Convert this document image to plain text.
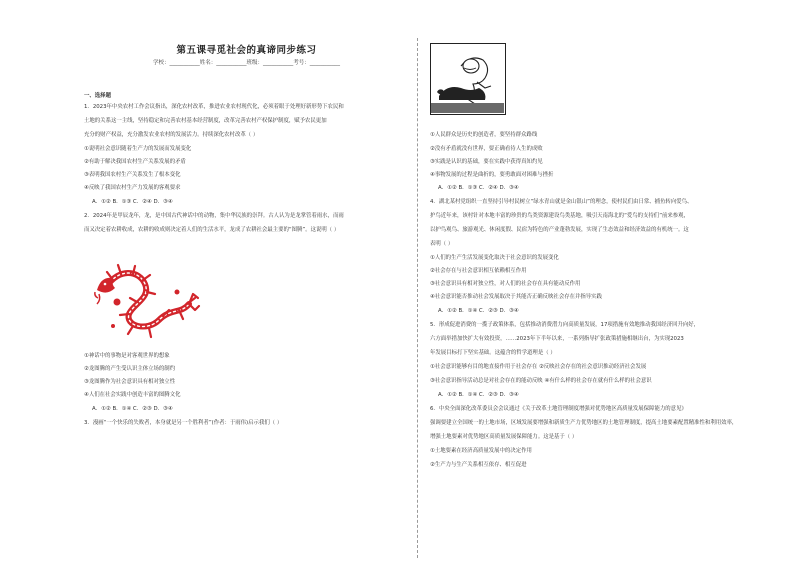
第五课寻觅社会的真谛同步练习
学校：___________姓名：___________班级：___________考号：___________
一、选择题
1．2023年中央农村工作会议指出，深化农村改革，推进农业农村现代化，必须着眼于处理好新形势下农民和
土地的关系这一主线，坚持稳定和完善农村基本经营制度，改革完善农村产权保护制度，赋予农民更加
充分的财产权益，充分激发农业农村的发展活力。持续深化农村改革（ ）
①说明社会意识随着生产力的发展而发展变化
②有助于解决我国农村生产关系发展的矛盾
③表明我国农村生产关系发生了根本变化
④反映了我国农村生产力发展的客观要求
A．①② B．①③ C．②④ D．③④
2．2024年是甲辰龙年，龙，是中国古代神话中的动物，集中华民族的崇拜。古人认为是龙掌管着雨水，而雨
而又决定着农耕收成，农耕的收成则决定着人们的生活水平，龙成了农耕社会最主要的“图腾”。这说明（ ）
①神话中的事物是对客观世界的想象
②龙图腾的产生受认识主体立场的制约
③龙图腾作为社会意识具有相对独立性
④人们在社会实践中创造丰富的图腾文化
A．①② B．①④ C．②③ D．③④
3．漫画“一个快乐的失败者，本身就是另一个胜利者”(作者：于雨伟)启示我们（ ）
①人民群众是历史的创造者，要坚持群众路线
②没有矛盾就没有世界，要正确看待人生的成败
③实践是认识的基础，要在实践中获得真知灼见
④事物发展的过程是曲折的，要勇敢面对困难与挫折
A．①② B．①③ C．②④ D．③④
4．湖北某村党组织一直坚持引导村民树立“绿水青山就是金山银山”的理念，使村民们由日常、捕鱼转向爱鸟、
护鸟近年来，该村针对本地丰富的珍贵的鸟类资源建设鸟类基地，吸引天南海北的“爱鸟的支持们”前来参观，
以护鸟观鸟、旅游观光、休闲度假、民宿为特色的产业蓬勃发展，实现了生态效益和经济效益的有机统一。这
表明（ ）
①人们的生产生活发展变化取决于社会意识的发展变化
②社会存在与社会意识相互依赖相互作用
③社会意识具有相对独立性，对人们的社会存在具有能动反作用
④社会意识能否推动社会发展取决于其能否正确反映社会存在并指导实践
A．①② B．①④ C．②③ D．③④
5．形成促进消费的一揽子政策体系，包括推动消费潜力向高质量发展，17项措施有效地推动我国经济回升向好，
六方面举措加快扩大有效投资，……2023年下半年以来，一系列指导扩张政策措施相继出台，为实现2023
年发展目标打下坚实基础。这蕴含的哲学道理是（ ）
①社会意识能够有目的地直接作用于社会存在 ②反映社会存在的社会意识推动经济社会发展
③社会意识指导活动总是对社会存在的能动反映 ④有什么样的社会存在就有什么样的社会意识
A．①② B．①④ C．②③ D．③④
6．中央全面深化改革委员会会议通过《关于改革土地管理制度增强对优势地区高质量发展保障能力的意见》
强调要建立全国统一的土地市场，区域发展要增强和新质生产力优势地区的土地管理制度，提高土地要素配置精准性和利用效率，
增强土地要素对优势地区高质量发展保障能力。这是基于（ ）
①土地要素在经济高质量发展中的决定作用
②生产力与生产关系相互依存、相互促进
